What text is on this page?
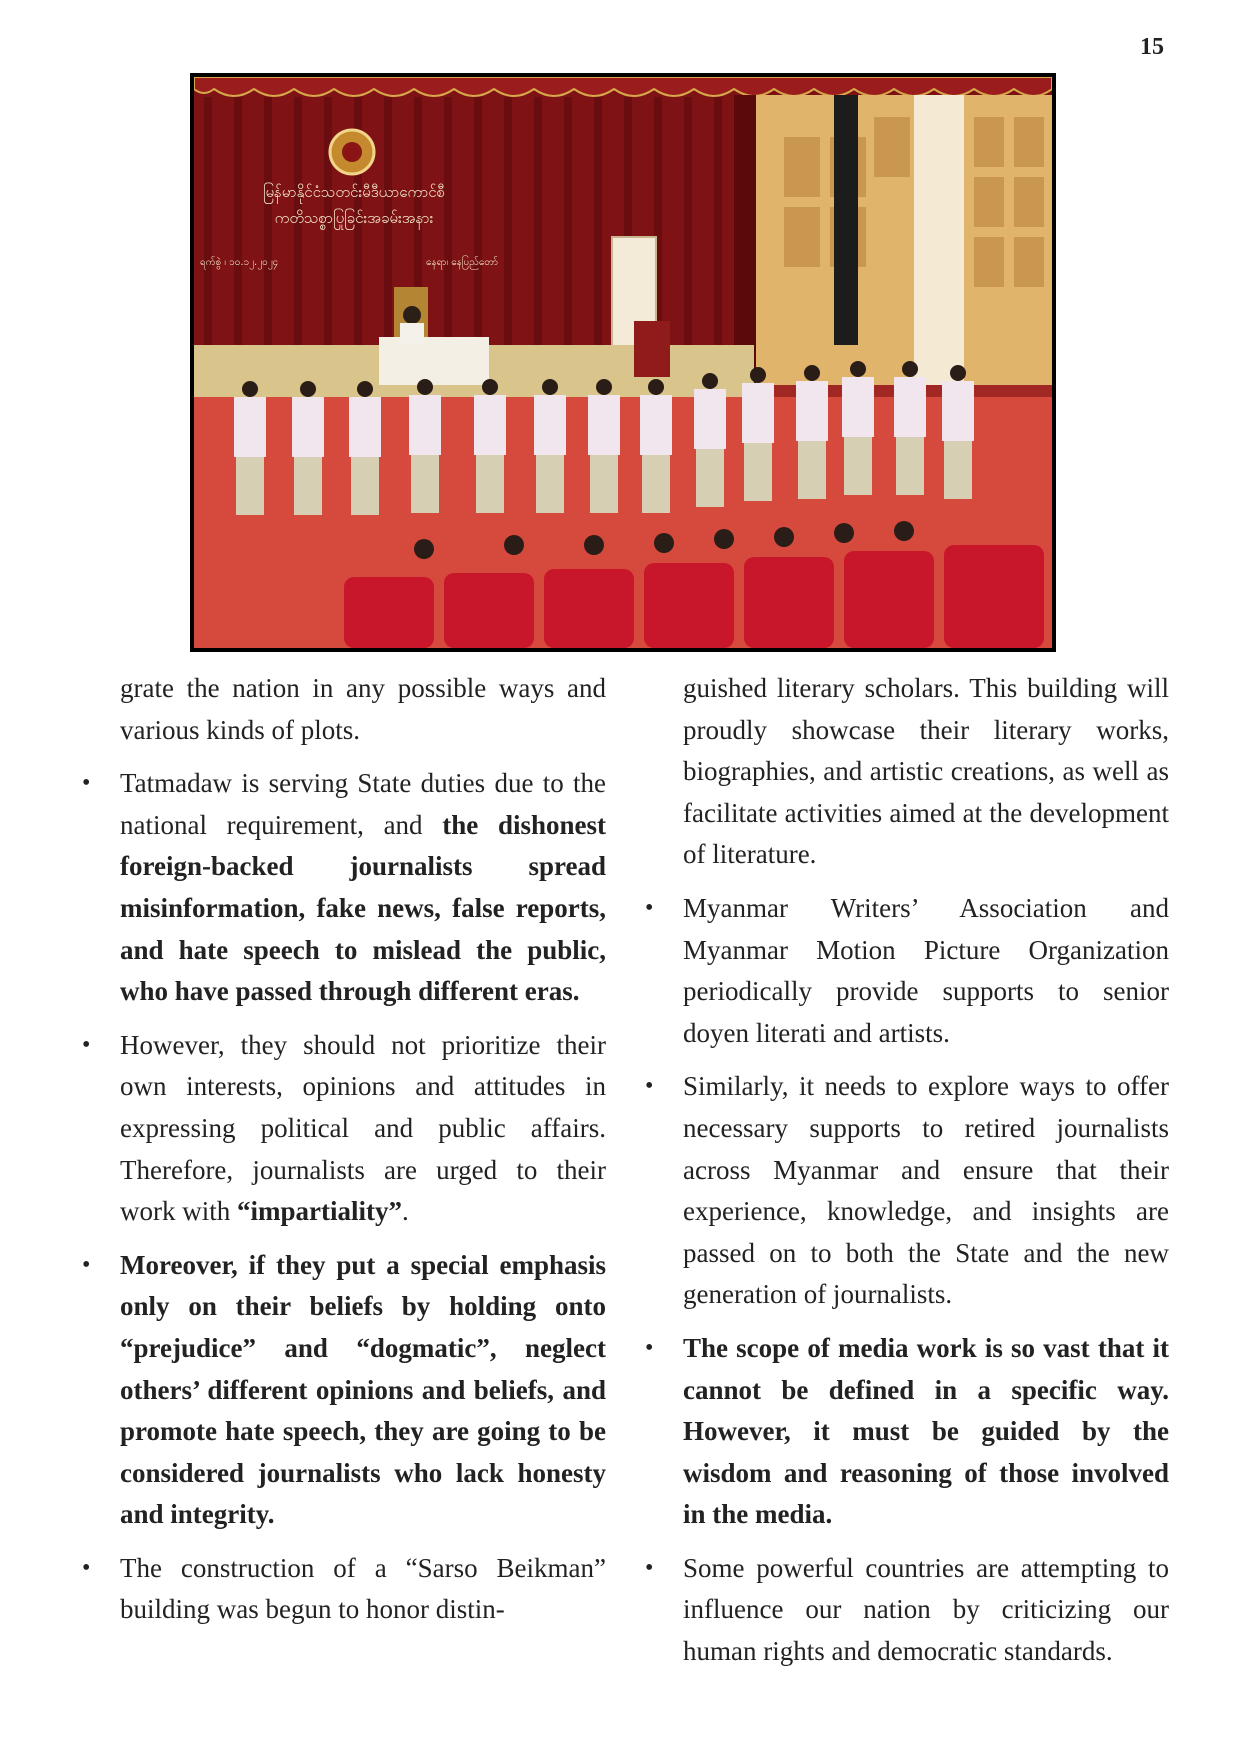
15
မြန်မာနိုင်ငံသတင်းမီဒီယာကောင်စီ
ကတိသစ္စာပြုခြင်းအခမ်းအနား
ရက်စွဲ ၊ ၁၀.၁၂.၂၀၂၄	နေရာ၊ နေပြည်တော်

grate the nation in any possible ways and various kinds of plots.

• Tatmadaw is serving State duties due to the national requirement, and the dishonest foreign-backed journalists spread misinformation, fake news, false reports, and hate speech to mislead the public, who have passed through different eras.
• However, they should not prioritize their own interests, opinions and attitudes in expressing political and public affairs. Therefore, journalists are urged to their work with “impartiality”.
• Moreover, if they put a special emphasis only on their beliefs by holding onto “prejudice” and “dogmatic”, neglect others’ different opinions and beliefs, and promote hate speech, they are going to be considered journalists who lack honesty and integrity.
• The construction of a “Sarso Beikman” building was begun to honor distin-

guished literary scholars. This building will proudly showcase their literary works, biographies, and artistic creations, as well as facilitate activities aimed at the development of literature.

• Myanmar Writers’ Association and Myanmar Motion Picture Organization periodically provide supports to senior doyen literati and artists.
• Similarly, it needs to explore ways to offer necessary supports to retired journalists across Myanmar and ensure that their experience, knowledge, and insights are passed on to both the State and the new generation of journalists.
• The scope of media work is so vast that it cannot be defined in a specific way. However, it must be guided by the wisdom and reasoning of those involved in the media.
• Some powerful countries are attempting to influence our nation by criticizing our human rights and democratic standards.
